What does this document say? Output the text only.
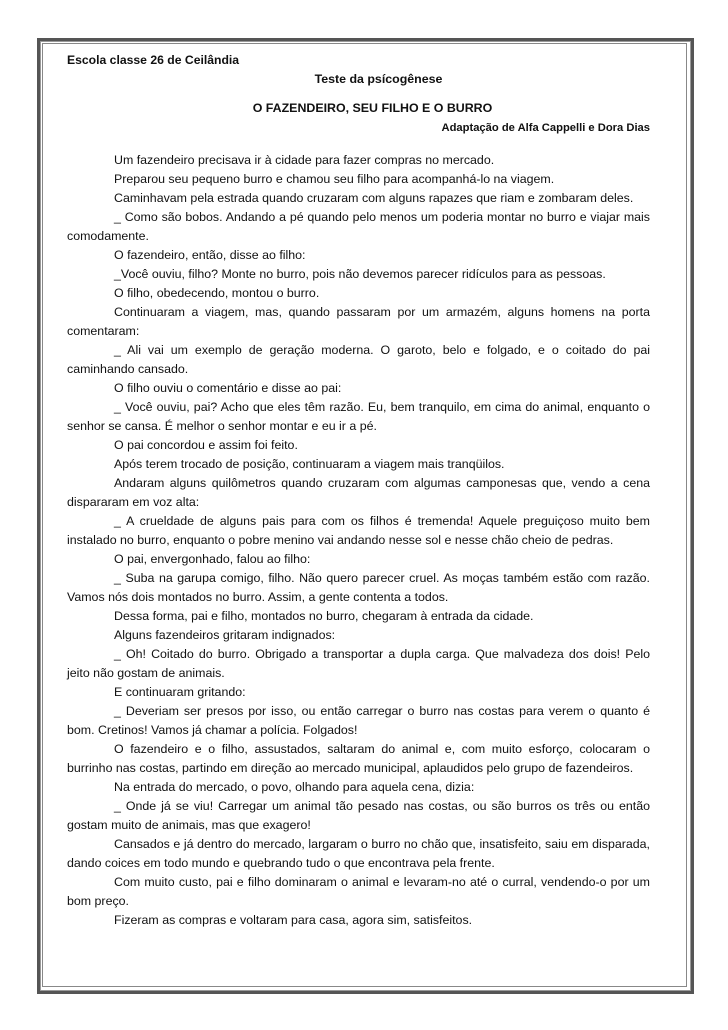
Escola classe 26 de Ceilândia
Teste da psícogênese
O FAZENDEIRO, SEU FILHO E O BURRO
Adaptação de Alfa Cappelli e Dora Dias

Um fazendeiro precisava ir à cidade para fazer compras no mercado.

Preparou seu pequeno burro e chamou seu filho para acompanhá-lo na viagem.

Caminhavam pela estrada quando cruzaram com alguns rapazes que riam e zombaram deles.

_ Como são bobos. Andando a pé quando pelo menos um poderia montar no burro e viajar mais comodamente.

O fazendeiro, então, disse ao filho:

_Você ouviu, filho? Monte no burro, pois não devemos parecer ridículos para as pessoas.

O filho, obedecendo, montou o burro.

Continuaram a viagem, mas, quando passaram por um armazém, alguns homens na porta comentaram:

_ Ali vai um exemplo de geração moderna. O garoto, belo e folgado, e o coitado do pai caminhando cansado.

O filho ouviu o comentário e disse ao pai:

_ Você ouviu, pai? Acho que eles têm razão. Eu, bem tranquilo, em cima do animal, enquanto o senhor se cansa. É melhor o senhor montar e eu ir a pé.

O pai concordou e assim foi feito.

Após terem trocado de posição, continuaram a viagem mais tranqüilos.

Andaram alguns quilômetros quando cruzaram com algumas camponesas que, vendo a cena dispararam em voz alta:

_ A crueldade de alguns pais para com os filhos é tremenda! Aquele preguiçoso muito bem instalado no burro, enquanto o pobre menino vai andando nesse sol e nesse chão cheio de pedras.

O pai, envergonhado, falou ao filho:

_ Suba na garupa comigo, filho. Não quero parecer cruel. As moças também estão com razão. Vamos nós dois montados no burro. Assim, a gente contenta a todos.

Dessa forma, pai e filho, montados no burro, chegaram à entrada da cidade.

Alguns fazendeiros gritaram indignados:

_ Oh! Coitado do burro. Obrigado a transportar a dupla carga. Que malvadeza dos dois! Pelo jeito não gostam de animais.

E continuaram gritando:

_ Deveriam ser presos por isso, ou então carregar o burro nas costas para verem o quanto é bom. Cretinos! Vamos já chamar a polícia. Folgados!

O fazendeiro e o filho, assustados, saltaram do animal e, com muito esforço, colocaram o burrinho nas costas, partindo em direção ao mercado municipal, aplaudidos pelo grupo de fazendeiros.

Na entrada do mercado, o povo, olhando para aquela cena, dizia:

_ Onde já se viu! Carregar um animal tão pesado nas costas, ou são burros os três ou então gostam muito de animais, mas que exagero!

Cansados e já dentro do mercado, largaram o burro no chão que, insatisfeito, saiu em disparada, dando coices em todo mundo e quebrando tudo o que encontrava pela frente.

Com muito custo, pai e filho dominaram o animal e levaram-no até o curral, vendendo-o por um bom preço.

Fizeram as compras e voltaram para casa, agora sim, satisfeitos.
